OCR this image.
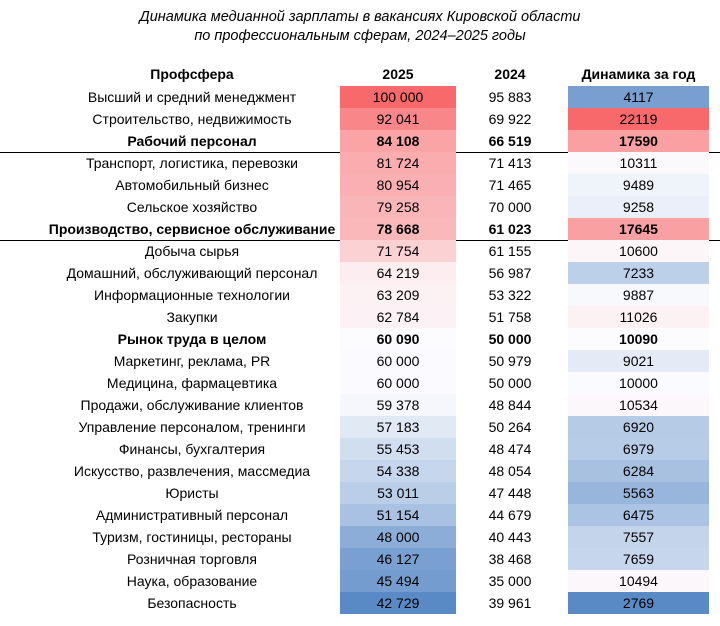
Динамика медианной зарплаты в вакансиях Кировской области
по профессиональным сферам, 2024–2025 годы
Профсфера	2025	2024	Динамика за год
Высший и средний менеджмент	100 000	95 883	4117
Строительство, недвижимость	92 041	69 922	22119
Рабочий персонал	84 108	66 519	17590
Транспорт, логистика, перевозки	81 724	71 413	10311
Автомобильный бизнес	80 954	71 465	9489
Сельское хозяйство	79 258	70 000	9258
Производство, сервисное обслуживание	78 668	61 023	17645
Добыча сырья	71 754	61 155	10600
Домашний, обслуживающий персонал	64 219	56 987	7233
Информационные технологии	63 209	53 322	9887
Закупки	62 784	51 758	11026
Рынок труда в целом	60 090	50 000	10090
Маркетинг, реклама, PR	60 000	50 979	9021
Медицина, фармацевтика	60 000	50 000	10000
Продажи, обслуживание клиентов	59 378	48 844	10534
Управление персоналом, тренинги	57 183	50 264	6920
Финансы, бухгалтерия	55 453	48 474	6979
Искусство, развлечения, массмедиа	54 338	48 054	6284
Юристы	53 011	47 448	5563
Административный персонал	51 154	44 679	6475
Туризм, гостиницы, рестораны	48 000	40 443	7557
Розничная торговля	46 127	38 468	7659
Наука, образование	45 494	35 000	10494
Безопасность	42 729	39 961	2769
